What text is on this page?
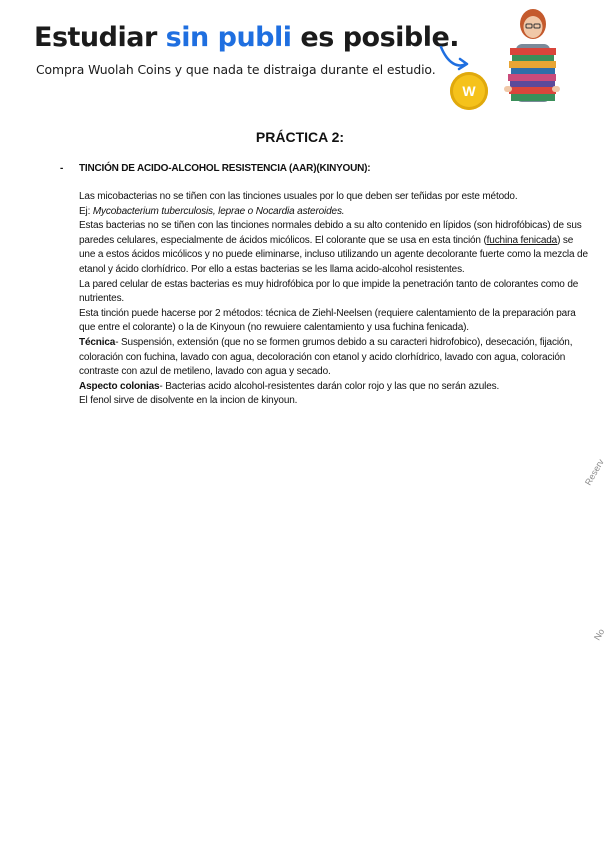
Estudiar sin publi es posible.
Compra Wuolah Coins y que nada te distraiga durante el estudio.
W
PRÁCTICA 2:
- TINCIÓN DE ACIDO-ALCOHOL RESISTENCIA (AAR)(KINYOUN):

Las micobacterias no se tiñen con las tinciones usuales por lo que deben ser teñidas por este método.

Ej: Mycobacterium tuberculosis, leprae o Nocardia asteroides.

Estas bacterias no se tiñen con las tinciones normales debido a su alto contenido en lípidos (son hidrofóbicas) de sus paredes celulares, especialmente de ácidos micólicos. El colorante que se usa en esta tinción (fuchina fenicada) se une a estos ácidos micólicos y no puede eliminarse, incluso utilizando un agente decolorante fuerte como la mezcla de etanol y ácido clorhídrico. Por ello a estas bacterias se les llama acido-alcohol resistentes.

La pared celular de estas bacterias es muy hidrofóbica por lo que impide la penetración tanto de colorantes como de nutrientes.

Esta tinción puede hacerse por 2 métodos: técnica de Ziehl-Neelsen (requiere calentamiento de la preparación para que entre el colorante) o la de Kinyoun (no rewuiere calentamiento y usa fuchina fenicada).

Técnica- Suspensión, extensión (que no se formen grumos debido a su caracteri hidrofobico), desecación, fijación, coloración con fuchina, lavado con agua, decoloración con etanol y acido clorhídrico, lavado con agua, coloración contraste con azul de metileno, lavado con agua y secado.

Aspecto colonias- Bacterias acido alcohol-resistentes darán color rojo y las que no serán azules.

El fenol sirve de disolvente en la incion de kinyoun.

Reserv
No
